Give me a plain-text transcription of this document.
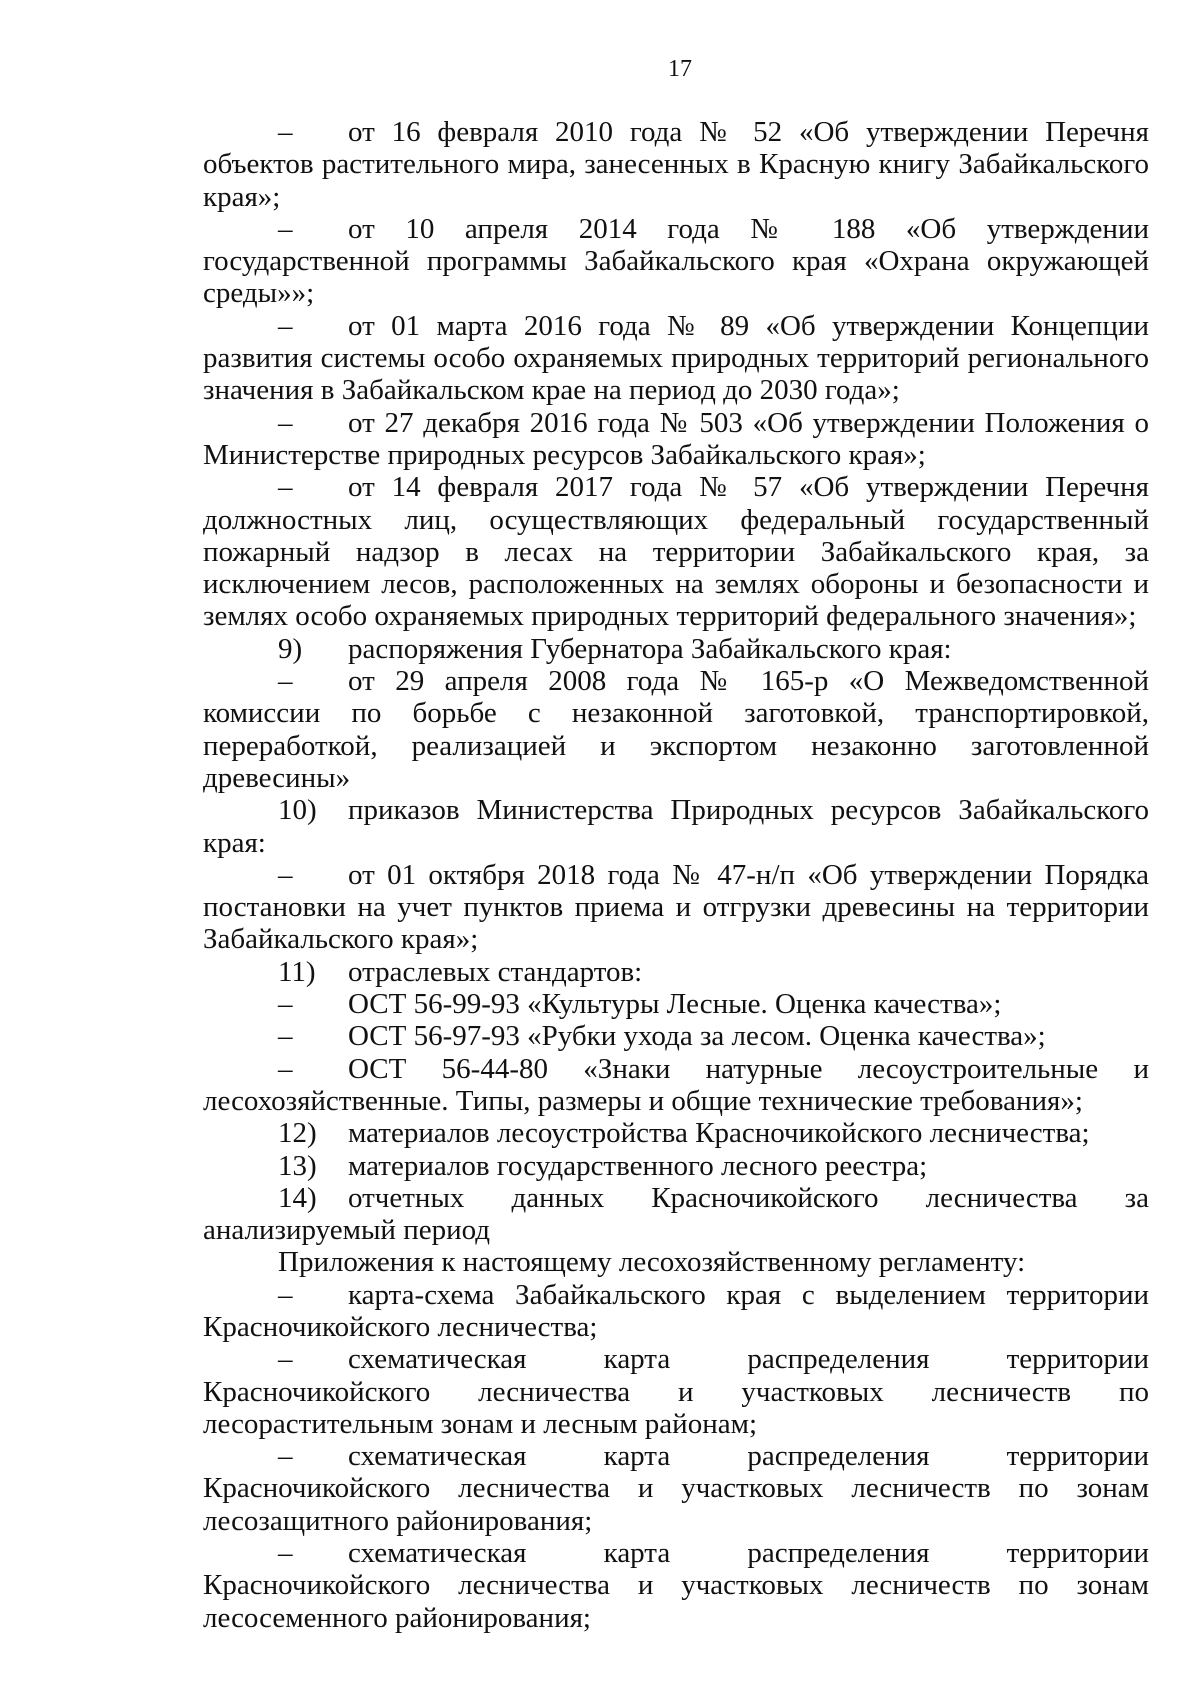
17

– от 16 февраля 2010 года № 52 «Об утверждении Перечня объектов растительного мира, занесенных в Красную книгу Забайкальского края»;

– от 10 апреля 2014 года № 188 «Об утверждении государственной программы Забайкальского края «Охрана окружающей среды»»;

– от 01 марта 2016 года № 89 «Об утверждении Концепции развития системы особо охраняемых природных территорий регионального значения в Забайкальском крае на период до 2030 года»;

– от 27 декабря 2016 года № 503 «Об утверждении Положения о Министерстве природных ресурсов Забайкальского края»;

– от 14 февраля 2017 года № 57 «Об утверждении Перечня должностных лиц, осуществляющих федеральный государственный пожарный надзор в лесах на территории Забайкальского края, за исключением лесов, расположенных на землях обороны и безопасности и землях особо охраняемых природных территорий федерального значения»;

9) распоряжения Губернатора Забайкальского края:

– от 29 апреля 2008 года № 165-р «О Межведомственной комиссии по борьбе с незаконной заготовкой, транспортировкой, переработкой, реализацией и экспортом незаконно заготовленной древесины»

10) приказов Министерства Природных ресурсов Забайкальского края:

– от 01 октября 2018 года № 47-н/п «Об утверждении Порядка постановки на учет пунктов приема и отгрузки древесины на территории Забайкальского края»;

11) отраслевых стандартов:

– ОСТ 56-99-93 «Культуры Лесные. Оценка качества»;

– ОСТ 56-97-93 «Рубки ухода за лесом. Оценка качества»;

– ОСТ 56-44-80 «Знаки натурные лесоустроительные и лесохозяйственные. Типы, размеры и общие технические требования»;

12) материалов лесоустройства Красночикойского лесничества;

13) материалов государственного лесного реестра;

14) отчетных данных Красночикойского лесничества за анализируемый период

Приложения к настоящему лесохозяйственному регламенту:

– карта-схема Забайкальского края с выделением территории Красночикойского лесничества;

– схематическая карта распределения территории Красночикойского лесничества и участковых лесничеств по лесорастительным зонам и лесным районам;

– схематическая карта распределения территории Красночикойского лесничества и участковых лесничеств по зонам лесозащитного районирования;

– схематическая карта распределения территории Красночикойского лесничества и участковых лесничеств по зонам лесосеменного районирования;
